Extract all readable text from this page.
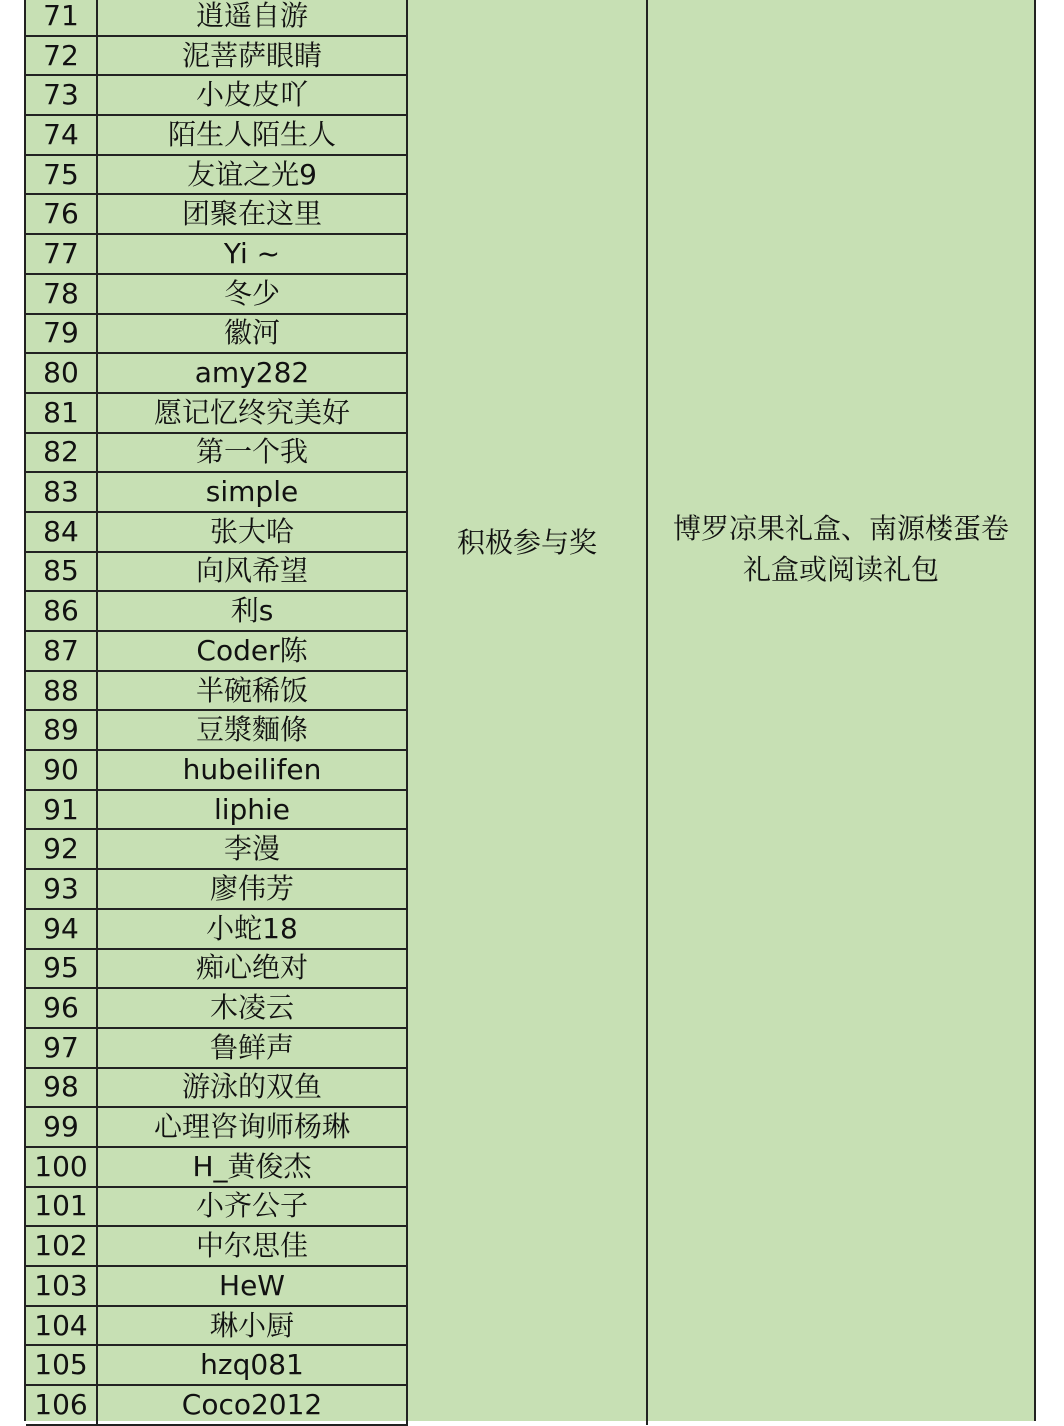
71	逍遥自游	积极参与奖	博罗凉果礼盒、南源楼蛋卷
礼盒或阅读礼包

72	泥菩萨眼睛		
73	小皮皮吖		
74	陌生人陌生人		
75	友谊之光9		
76	团聚在这里		
77	Yi ~		
78	冬少		
79	徽河		
80	amy282		
81	愿记忆终究美好		
82	第一个我		
83	simple		
84	张大哈		
85	向风希望		
86	利s		
87	Coder陈		
88	半碗稀饭		
89	豆漿麵條		
90	hubeilifen		
91	liphie		
92	李漫		
93	廖伟芳		
94	小蛇18		
95	痴心绝对		
96	木凌云		
97	鲁鲜声		
98	游泳的双鱼		
99	心理咨询师杨琳		
100	H_黄俊杰		
101	小齐公子		
102	中尔思佳		
103	HeW		
104	琳小厨		
105	hzq081		
106	Coco2012		
